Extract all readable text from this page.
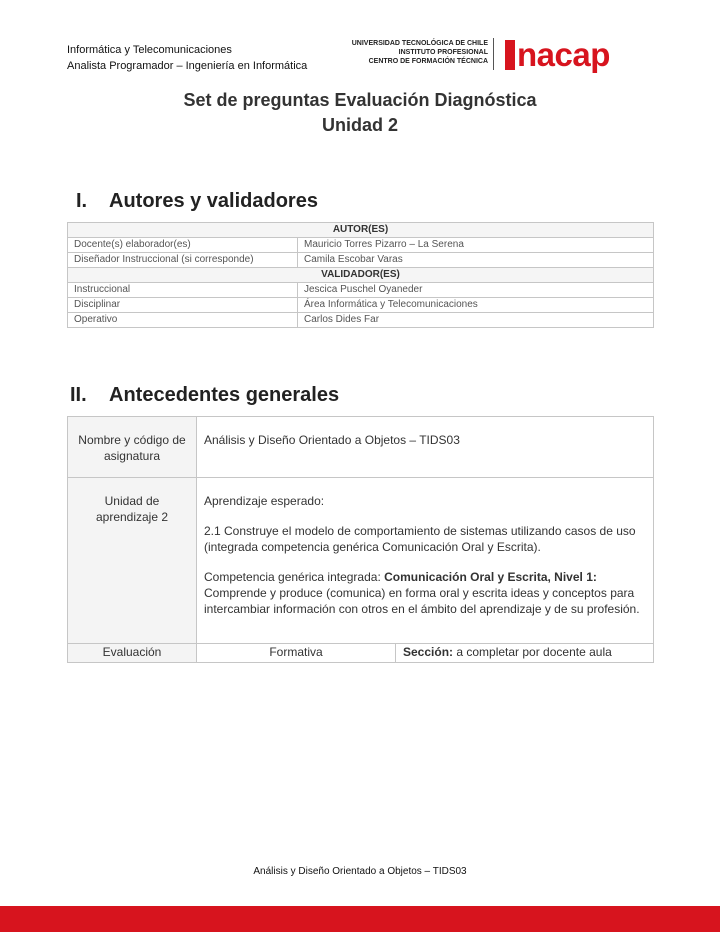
Informática y Telecomunicaciones
Analista Programador – Ingeniería en Informática
UNIVERSIDAD TECNOLÓGICA DE CHILE
INSTITUTO PROFESIONAL
CENTRO DE FORMACIÓN TÉCNICA nacap
Set de preguntas Evaluación Diagnóstica
Unidad 2
I. Autores y validadores
AUTOR(ES)	
Docente(s) elaborador(es)	Mauricio Torres Pizarro – La Serena
Diseñador Instruccional (si corresponde)	Camila Escobar Varas
VALIDADOR(ES)	
Instruccional	Jescica Puschel Oyaneder
Disciplinar	Área Informática y Telecomunicaciones
Operativo	Carlos Dides Far
II. Antecedentes generales
Nombre y código de asignatura	Análisis y Diseño Orientado a Objetos – TIDS03	
Unidad de aprendizaje 2	Aprendizaje esperado:
2.1 Construye el modelo de comportamiento de sistemas utilizando casos de uso (integrada competencia genérica Comunicación Oral y Escrita).
Competencia genérica integrada: Comunicación Oral y Escrita, Nivel 1: Comprende y produce (comunica) en forma oral y escrita ideas y conceptos para intercambiar información con otros en el ámbito del aprendizaje y de su profesión.	

Evaluación	Formativa	Sección: a completar por docente aula
Análisis y Diseño Orientado a Objetos – TIDS03
